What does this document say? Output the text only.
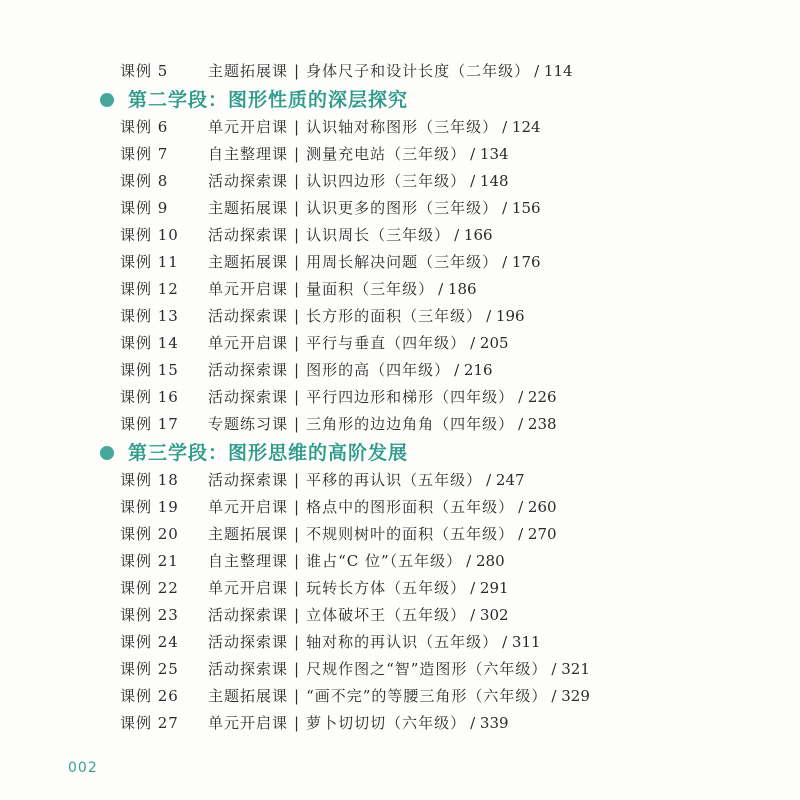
课例 5	主题拓展课 | 身体尺子和设计长度（二年级） / 114
第二学段：图形性质的深层探究
课例 6	单元开启课 | 认识轴对称图形（三年级） / 124
课例 7	自主整理课 | 测量充电站（三年级） / 134
课例 8	活动探索课 | 认识四边形（三年级） / 148
课例 9	主题拓展课 | 认识更多的图形（三年级） / 156
课例 10 活动探索课 | 认识周长（三年级） / 166
课例 11 主题拓展课 | 用周长解决问题（三年级） / 176
课例 12 单元开启课 | 量面积（三年级） / 186
课例 13 活动探索课 | 长方形的面积（三年级） / 196
课例 14 单元开启课 | 平行与垂直（四年级） / 205
课例 15 活动探索课 | 图形的高（四年级） / 216
课例 16 活动探索课 | 平行四边形和梯形（四年级） / 226
课例 17 专题练习课 | 三角形的边边角角（四年级） / 238
第三学段：图形思维的高阶发展
课例 18 活动探索课 | 平移的再认识（五年级） / 247
课例 19 单元开启课 | 格点中的图形面积（五年级） / 260
课例 20 主题拓展课 | 不规则树叶的面积（五年级） / 270
课例 21 自主整理课 | 谁占“C 位”（五年级） / 280
课例 22 单元开启课 | 玩转长方体（五年级） / 291
课例 23 活动探索课 | 立体破坏王（五年级） / 302
课例 24 活动探索课 | 轴对称的再认识（五年级） / 311
课例 25 活动探索课 | 尺规作图之“智”造图形（六年级） / 321
课例 26 主题拓展课 | “画不完”的等腰三角形（六年级） / 329
课例 27 单元开启课 | 萝卜切切切（六年级） / 339
002
